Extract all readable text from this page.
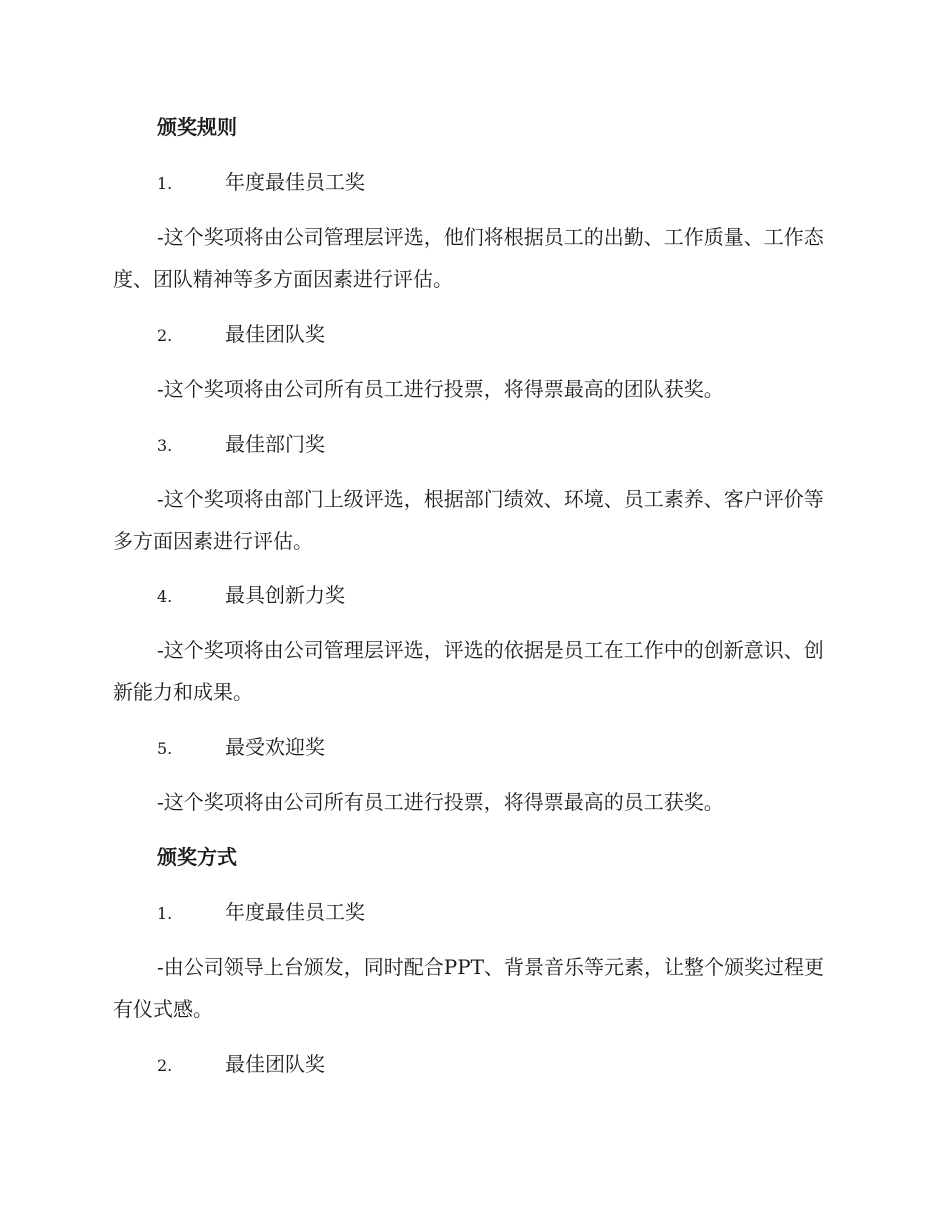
颁奖规则
1.	年度最佳员工奖
-这个奖项将由公司管理层评选，他们将根据员工的出勤、工作质量、工作态度、团队精神等多方面因素进行评估。
2.	最佳团队奖
-这个奖项将由公司所有员工进行投票，将得票最高的团队获奖。
3.	最佳部门奖
-这个奖项将由部门上级评选，根据部门绩效、环境、员工素养、客户评价等多方面因素进行评估。
4.	最具创新力奖
-这个奖项将由公司管理层评选，评选的依据是员工在工作中的创新意识、创新能力和成果。
5.	最受欢迎奖
-这个奖项将由公司所有员工进行投票，将得票最高的员工获奖。
颁奖方式
1.	年度最佳员工奖
-由公司领导上台颁发，同时配合PPT、背景音乐等元素，让整个颁奖过程更有仪式感。
2.	最佳团队奖
